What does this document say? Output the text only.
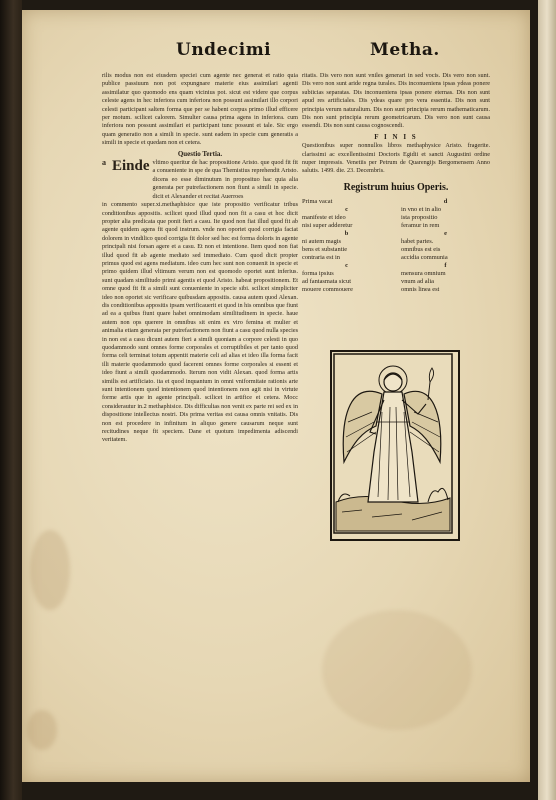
Undecimi	Metha.

rilis modus non est eiusdem speciei cum agente nec generat et ratio quia publice passiuum non pot expungnare materie eius assimilari agenti assimilatur quo quomodo ens quam vicinius pot. sicut est videre que corpus celeste agens in hec inferiora cum inferiora non possunt assimilari illo corpori celesti participant saltem forma que per se habent corpus primo illud efficere per motum. scilicet calorem. Simulter causa prima agens in inferiora. cum inferiora non possunt assimilari et participant tunc possunt et tale. Sic ergo quam generatio non a simili in specie. sunt eadem in specie cum generatis a simili in specie et quedam non et cetera.

Questio Tertia.
a Einde vltimo queritur de hac propositione Aristo. que quod fit fit a conueniente in spe de qua Themistius reprehendit Aristo. dicens eo esse diminutum in proposituo hac quia alia generata per putrefactionem non fiunt a simili in specie. dicit et Alexander et recitat Auerroes

in commento super.xi.methaphisice que iste propositio verificatur tribus conditionibus appositis. scilicet quod illud quod non fit a casu et hoc dicit propter alia predicata que ponit fieri a casu. Ite quod non fiat illud quod fit ab agente quidem agens fit quod instrum. vnde non oportet quod corrigia faciat dolorem in vindilico quod corrigia fit dolor sed hec est forma doloris in agente principali nisi forsan agere et a casu. Et non et intentione. Item quod non fiat illud quod fit ab agente mediato sed immediato. Cum quod dicit propter primus quod est agens mediatum. ideo cum hec sunt non conuenit in specie et primo quidem illud vltimum verum non est quomodo oportet sunt inferius. sunt quadam similitudo primi agentis et quod Aristo. habeat propositionem. Et omne quod fit fit a simili sunt conueniente in specie sibi. scilicet simpliciter ideo non oportet sic verificare quibusdam appositis. causa autem quod Alexan. dis conditionibus appositis ipsam verificauerit et quod in his omnibus que fiunt ad ea a quibus fiunt quare habet omnimodam similitudinem in specie. haue autem non ops querere in omnibus sit enim ex viro femina et mulier et animalia etiam generata per putrefactionem non fiunt a casu quod nulla species in non est a casu dicunt autem fieri a simili quoniam a corpore celesti in quo quodammodo sunt omnes forme corporales et corruptibiles et per tanto quod forma celi terminat totum appentit materie celi ad alias et ideo illa forma facit illi materie quodammodo quod facerent omnes forme corporales si essent et ideo fiunt a simili quodammodo. Iterum non vidit Alexan. quod forma artis similis est artificiato. ita et quod inquantum in omni vniformitate rationis arte sunt intentionem quod intentionem quod intentionem non agit nisi in virtute forme artis que in agente principali. scilicet in artifice et cetera. Mocc considerautur in.2 methaphisice. Dis difficultas non venit ex parte rei sed ex in dispositione intellectus nostri. Dis prima veritas est causa omnis vnitatis. Dis non est procedere in infinitum in aliquo genere causarum neque sunt recitudines neque fit speciem. Dane et quotum impedimenta adiscendi veritatem.

ritatis. Dis vero non sunt vniles generari in sed vocis. Dis vero non sunt. Dis vero non sunt aride regna turales. Dis inconueniens ipsas ydeas ponere subiicias separatas. Dis inconueniens ipsas ponere eternas. Dis non sunt apud res artificiales. Dis ydeas quare pro vera essentia. Dis non sunt principia verum naturalium. Dis non sunt principia rerum mathematicarum. Dis non sunt principia rerum geometricarum. Dis vero non sunt causa essendi. Dis non sunt causa cognoscendi.

F I N I S

Questionibus super nonnullos libros methaphysice Aristo. fragerite. clarissimi ac excellentissimi Doctoris Egidii et sancti Augustini ordine nuper impressis. Venetiis per Petrum de Quarengijs Bergomensem Anno salutis. 1499. die. 23. Decembris.

Registrum huius Operis.
Prima vacat	d
c	in vno et in alio
manifeste et ideo	ista propositio
nisi super adderetur	feramur in rem
b	e
ni autem magis	habet partes.
bens et substantie	omnibus est eis
contraria est in	accidia communia
c	f
forma ipsius	mensura omnium
ad fantasmata sicut	vnum ad alia
mouere commouere	omnis linea est
